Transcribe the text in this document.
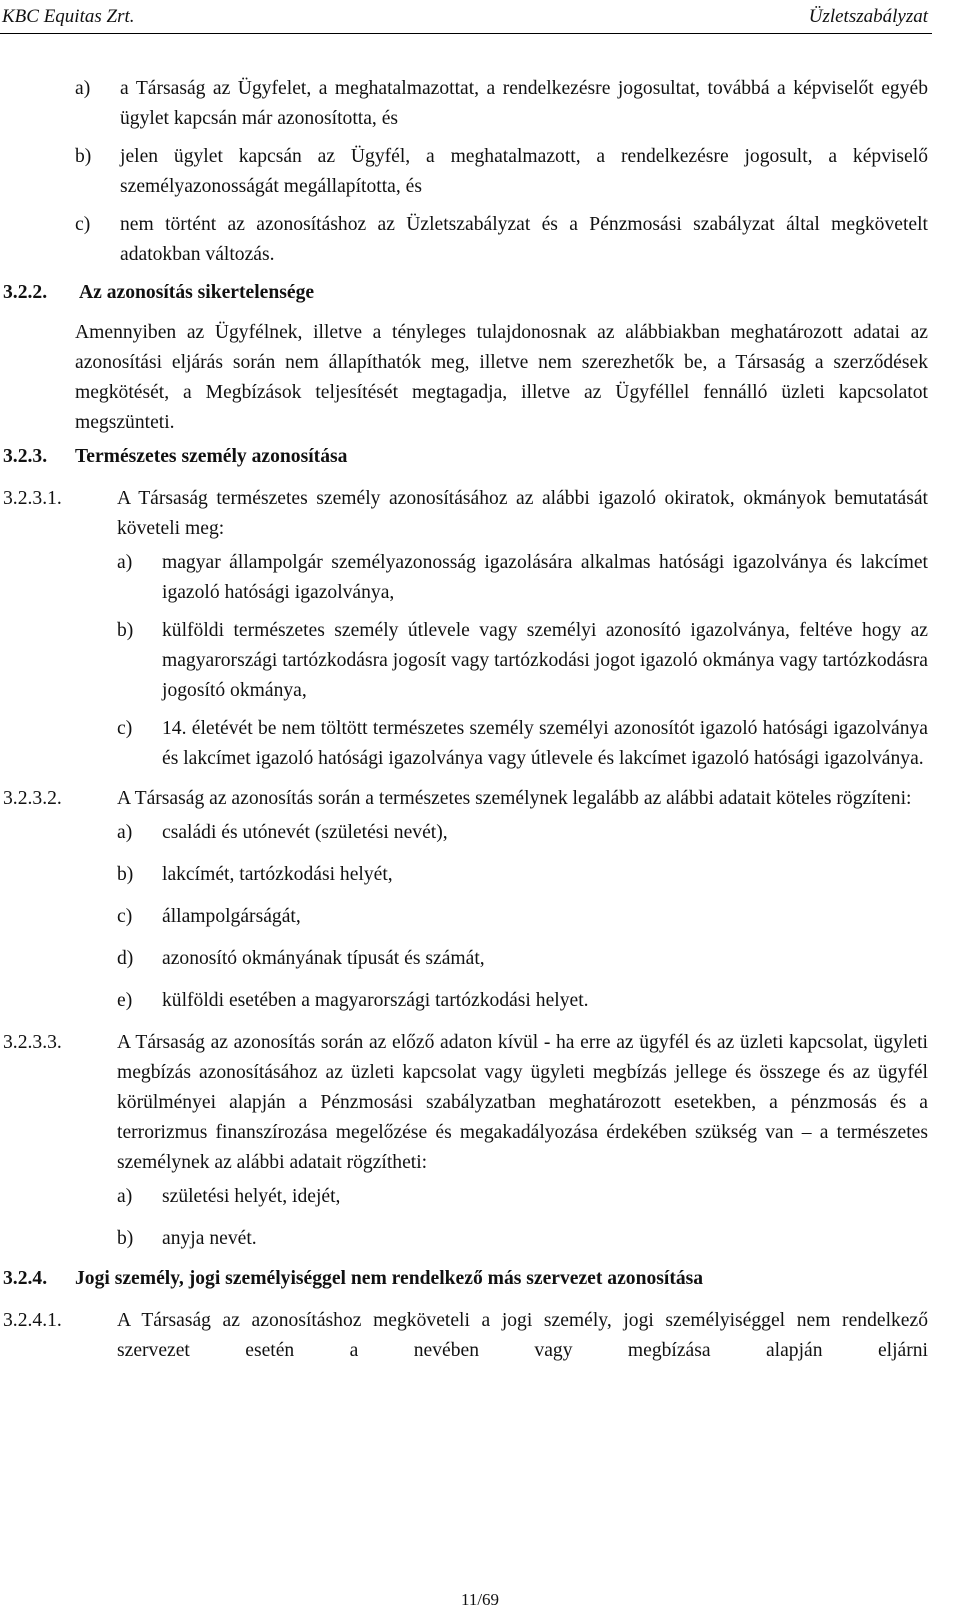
KBC Equitas Zrt.	Üzletszabályzat
a)	a Társaság az Ügyfelet, a meghatalmazottat, a rendelkezésre jogosultat, továbbá a képviselőt egyéb ügylet kapcsán már azonosította, és
b)	jelen ügylet kapcsán az Ügyfél, a meghatalmazott, a rendelkezésre jogosult, a képviselő személyazonosságát megállapította, és
c)	nem történt az azonosításhoz az Üzletszabályzat és a Pénzmosási szabályzat által megkövetelt adatokban változás.
3.2.2. Az azonosítás sikertelensége

Amennyiben az Ügyfélnek, illetve a tényleges tulajdonosnak az alábbiakban meghatározott adatai az azonosítási eljárás során nem állapíthatók meg, illetve nem szerezhetők be, a Társaság a szerződések megkötését, a Megbízások teljesítését megtagadja, illetve az Ügyféllel fennálló üzleti kapcsolatot megszünteti.

3.2.3. Természetes személy azonosítása
3.2.3.1.	A Társaság természetes személy azonosításához az alábbi igazoló okiratok, okmányok bemutatását követeli meg:

a)	magyar állampolgár személyazonosság igazolására alkalmas hatósági igazolványa és lakcímet igazoló hatósági igazolványa,
b)	külföldi természetes személy útlevele vagy személyi azonosító igazolványa, feltéve hogy az magyarországi tartózkodásra jogosít vagy tartózkodási jogot igazoló okmánya vagy tartózkodásra jogosító okmánya,
c)	14. életévét be nem töltött természetes személy személyi azonosítót igazoló hatósági igazolványa és lakcímet igazoló hatósági igazolványa vagy útlevele és lakcímet igazoló hatósági igazolványa.
3.2.3.2.	A Társaság az azonosítás során a természetes személynek legalább az alábbi adatait köteles rögzíteni:

a)	családi és utónevét (születési nevét),
b)	lakcímét, tartózkodási helyét,
c)	állampolgárságát,
d)	azonosító okmányának típusát és számát,
e)	külföldi esetében a magyarországi tartózkodási helyet.
3.2.3.3.	A Társaság az azonosítás során az előző adaton kívül - ha erre az ügyfél és az üzleti kapcsolat, ügyleti megbízás azonosításához az üzleti kapcsolat vagy ügyleti megbízás jellege és összege és az ügyfél körülményei alapján a Pénzmosási szabályzatban meghatározott esetekben, a pénzmosás és a terrorizmus finanszírozása megelőzése és megakadályozása érdekében szükség van – a természetes személynek az alábbi adatait rögzítheti:

a)	születési helyét, idejét,
b)	anyja nevét.
3.2.4. Jogi személy, jogi személyiséggel nem rendelkező más szervezet azonosítása
3.2.4.1.	A Társaság az azonosításhoz megköveteli a jogi személy, jogi személyiséggel nem rendelkező szervezet esetén a nevében vagy megbízása alapján eljárni

11/69
